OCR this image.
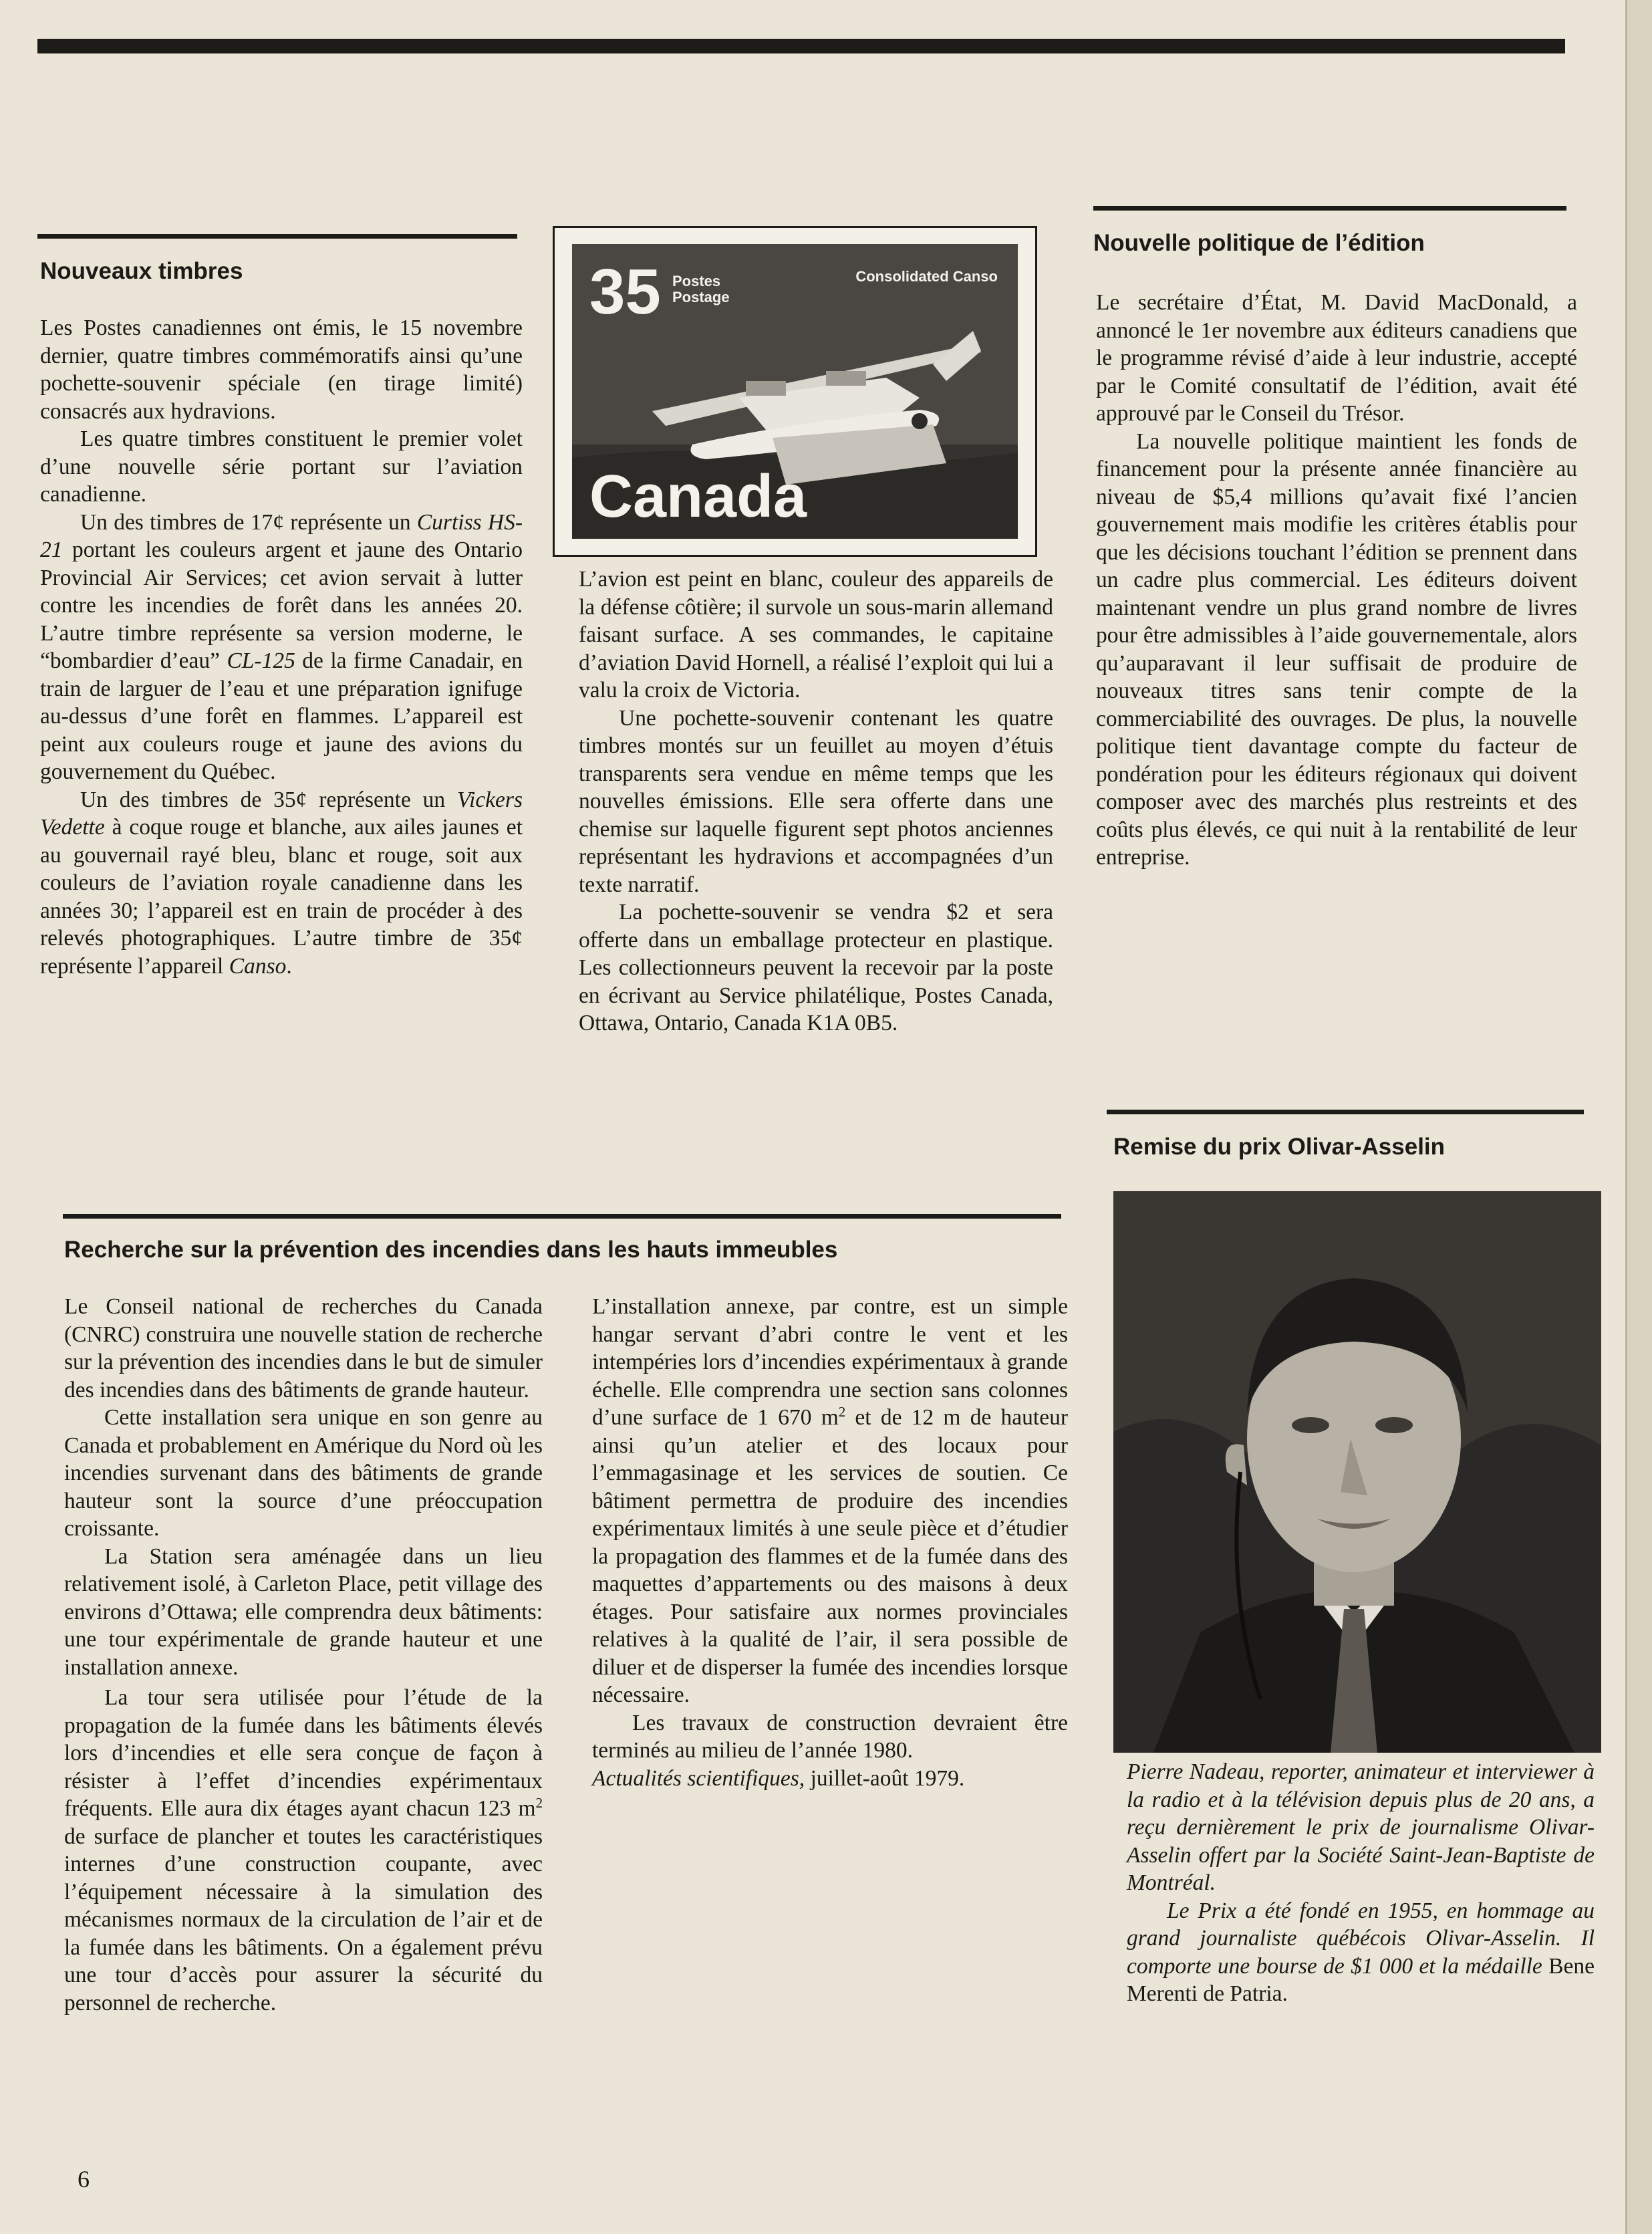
Nouveaux timbres

Les Postes canadiennes ont émis, le 15 novembre dernier, quatre timbres commémoratifs ainsi qu’une pochette-souvenir spéciale (en tirage limité) consacrés aux hydravions.

Les quatre timbres constituent le premier volet d’une nouvelle série portant sur l’aviation canadienne.

Un des timbres de 17¢ représente un Curtiss HS-21 portant les couleurs argent et jaune des Ontario Provincial Air Services; cet avion servait à lutter contre les incendies de forêt dans les années 20. L’autre timbre représente sa version moderne, le “bombardier d’eau” CL-125 de la firme Canadair, en train de larguer de l’eau et une préparation ignifuge au-dessus d’une forêt en flammes. L’appareil est peint aux couleurs rouge et jaune des avions du gouvernement du Québec.

Un des timbres de 35¢ représente un Vickers Vedette à coque rouge et blanche, aux ailes jaunes et au gouvernail rayé bleu, blanc et rouge, soit aux couleurs de l’aviation royale canadienne dans les années 30; l’appareil est en train de procéder à des relevés photographiques. L’autre timbre de 35¢ représente l’appareil Canso.

35 Postes
Postage
Consolidated Canso
Canada

L’avion est peint en blanc, couleur des appareils de la défense côtière; il survole un sous-marin allemand faisant surface. A ses commandes, le capitaine d’aviation David Hornell, a réalisé l’exploit qui lui a valu la croix de Victoria.

Une pochette-souvenir contenant les quatre timbres montés sur un feuillet au moyen d’étuis transparents sera vendue en même temps que les nouvelles émissions. Elle sera offerte dans une chemise sur laquelle figurent sept photos anciennes représentant les hydravions et accompagnées d’un texte narratif.

La pochette-souvenir se vendra $2 et sera offerte dans un emballage protecteur en plastique. Les collectionneurs peuvent la recevoir par la poste en écrivant au Service philatélique, Postes Canada, Ottawa, Ontario, Canada K1A 0B5.

Nouvelle politique de l’édition

Le secrétaire d’État, M. David MacDonald, a annoncé le 1er novembre aux éditeurs canadiens que le programme révisé d’aide à leur industrie, accepté par le Comité consultatif de l’édition, avait été approuvé par le Conseil du Trésor.

La nouvelle politique maintient les fonds de financement pour la présente année financière au niveau de $5,4 millions qu’avait fixé l’ancien gouvernement mais modifie les critères établis pour que les décisions touchant l’édition se prennent dans un cadre plus commercial. Les éditeurs doivent maintenant vendre un plus grand nombre de livres pour être admissibles à l’aide gouvernementale, alors qu’auparavant il leur suffisait de produire de nouveaux titres sans tenir compte de la commerciabilité des ouvrages. De plus, la nouvelle politique tient davantage compte du facteur de pondération pour les éditeurs régionaux qui doivent composer avec des marchés plus restreints et des coûts plus élevés, ce qui nuit à la rentabilité de leur entreprise.

Remise du prix Olivar-Asselin

Pierre Nadeau, reporter, animateur et interviewer à la radio et à la télévision depuis plus de 20 ans, a reçu dernièrement le prix de journalisme Olivar-Asselin offert par la Société Saint-Jean-Baptiste de Montréal.

Le Prix a été fondé en 1955, en hommage au grand journaliste québécois Olivar-Asselin. Il comporte une bourse de $1 000 et la médaille Bene Merenti de Patria.

Recherche sur la prévention des incendies dans les hauts immeubles

Le Conseil national de recherches du Canada (CNRC) construira une nouvelle station de recherche sur la prévention des incendies dans le but de simuler des incendies dans des bâtiments de grande hauteur.

Cette installation sera unique en son genre au Canada et probablement en Amérique du Nord où les incendies survenant dans des bâtiments de grande hauteur sont la source d’une préoccupation croissante.

La Station sera aménagée dans un lieu relativement isolé, à Carleton Place, petit village des environs d’Ottawa; elle comprendra deux bâtiments: une tour expérimentale de grande hauteur et une installation annexe.

La tour sera utilisée pour l’étude de la propagation de la fumée dans les bâtiments élevés lors d’incendies et elle sera conçue de façon à résister à l’effet d’incendies expérimentaux fréquents. Elle aura dix étages ayant chacun 123 $m^2$ de surface de plancher et toutes les caractéristiques internes d’une construction coupante, avec l’équipement nécessaire à la simulation des mécanismes normaux de la circulation de l’air et de la fumée dans les bâtiments. On a également prévu une tour d’accès pour assurer la sécurité du personnel de recherche.

L’installation annexe, par contre, est un simple hangar servant d’abri contre le vent et les intempéries lors d’incendies expérimentaux à grande échelle. Elle comprendra une section sans colonnes d’une surface de 1 670 $m^2$ et de 12 m de hauteur ainsi qu’un atelier et des locaux pour l’emmagasinage et les services de soutien. Ce bâtiment permettra de produire des incendies expérimentaux limités à une seule pièce et d’étudier la propagation des flammes et de la fumée dans des maquettes d’appartements ou des maisons à deux étages. Pour satisfaire aux normes provinciales relatives à la qualité de l’air, il sera possible de diluer et de disperser la fumée des incendies lorsque nécessaire.

Les travaux de construction devraient être terminés au milieu de l’année 1980.

Actualités scientifiques, juillet-août 1979.

6
